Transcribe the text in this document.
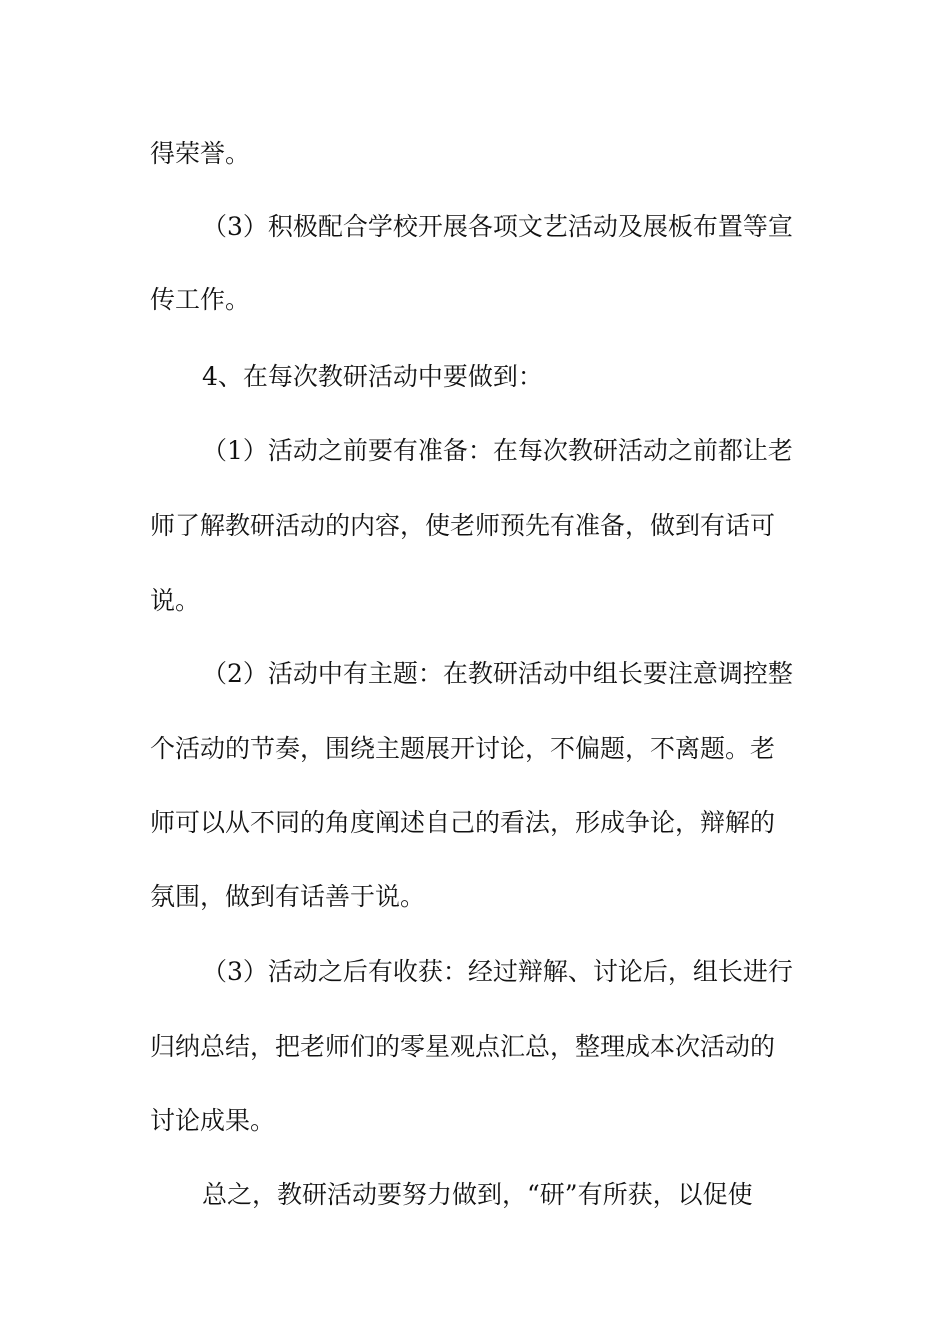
得荣誉。
（3）积极配合学校开展各项文艺活动及展板布置等宣
传工作。
4、在每次教研活动中要做到：
（1）活动之前要有准备：在每次教研活动之前都让老
师了解教研活动的内容，使老师预先有准备，做到有话可
说。
（2）活动中有主题：在教研活动中组长要注意调控整
个活动的节奏，围绕主题展开讨论，不偏题，不离题。老
师可以从不同的角度阐述自己的看法，形成争论，辩解的
氛围，做到有话善于说。
（3）活动之后有收获：经过辩解、讨论后，组长进行
归纳总结，把老师们的零星观点汇总，整理成本次活动的
讨论成果。
总之，教研活动要努力做到，“研”有所获，以促使
